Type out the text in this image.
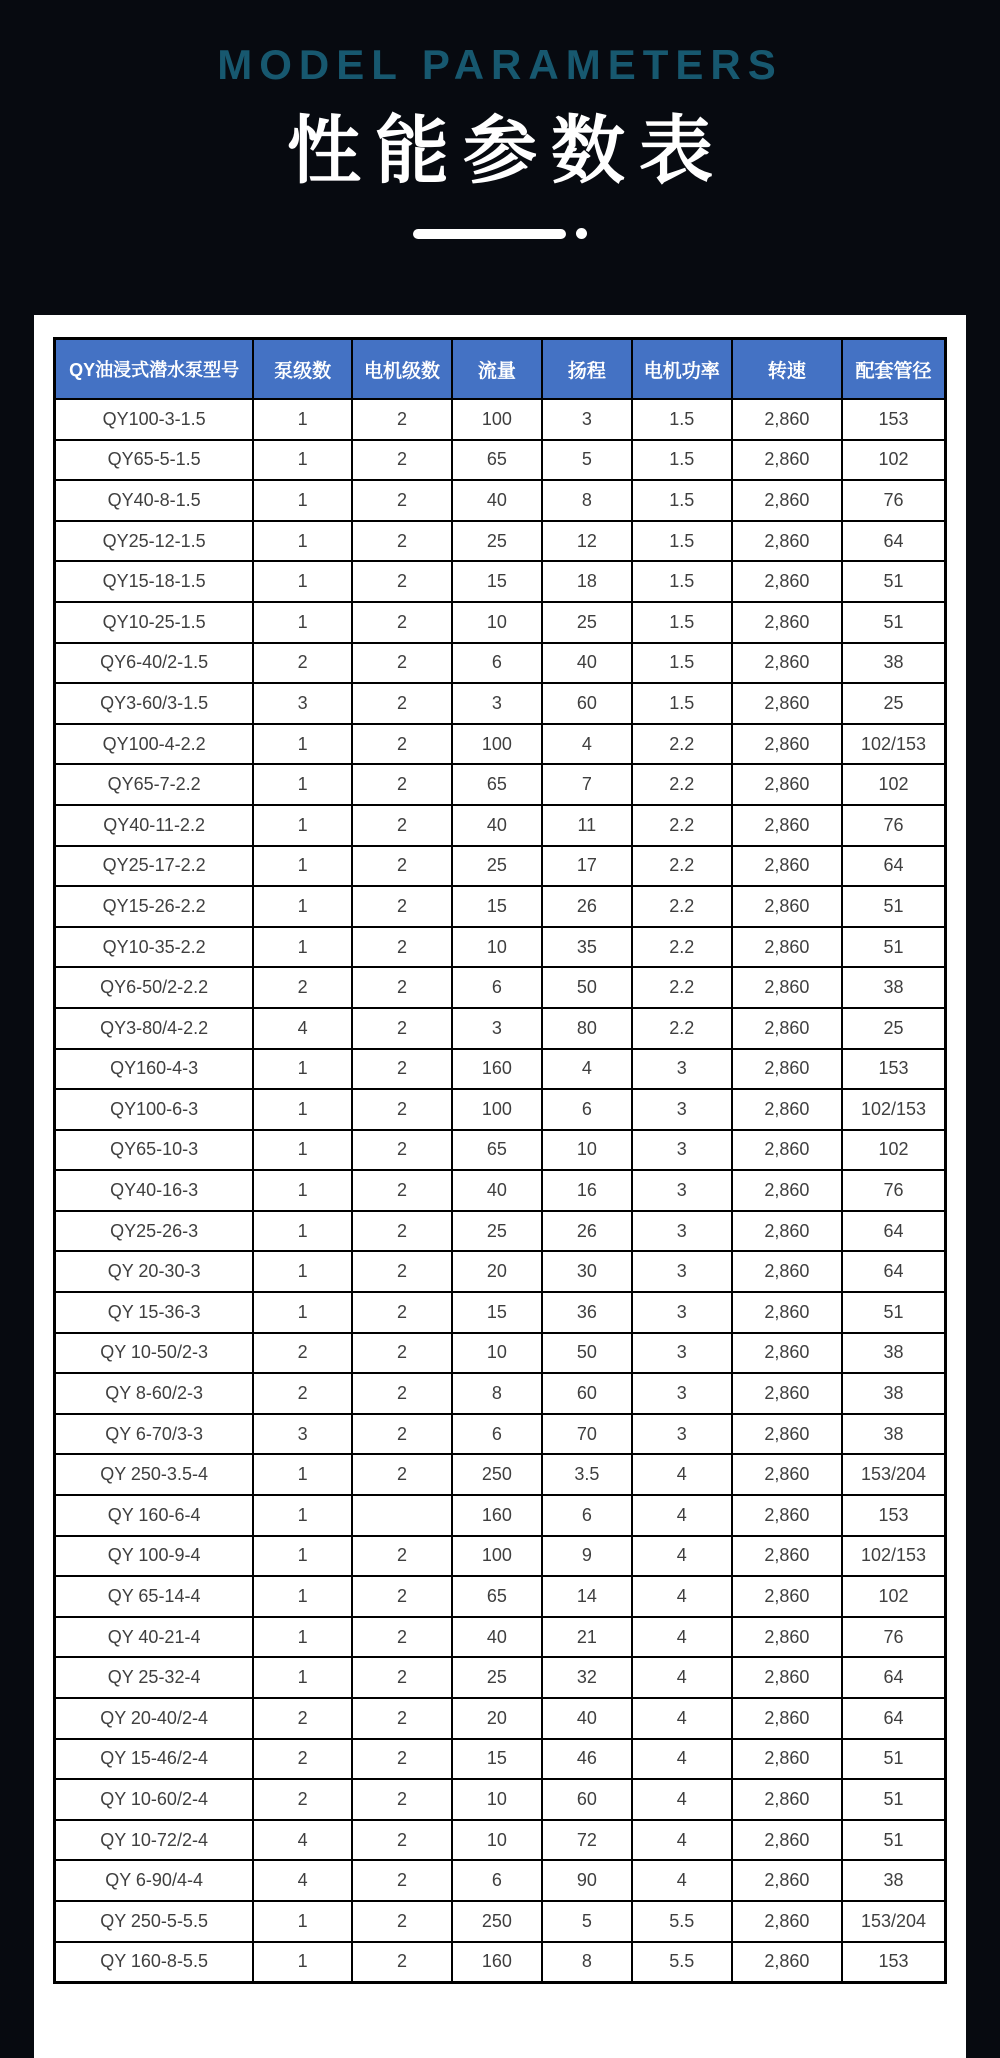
MODEL PARAMETERS
性能参数表
QY油浸式潜水泵型号	泵级数	电机级数	流量	扬程	电机功率	转速	配套管径
QY100-3-1.5	1	2	100	3	1.5	2,860	153
QY65-5-1.5	1	2	65	5	1.5	2,860	102
QY40-8-1.5	1	2	40	8	1.5	2,860	76
QY25-12-1.5	1	2	25	12	1.5	2,860	64
QY15-18-1.5	1	2	15	18	1.5	2,860	51
QY10-25-1.5	1	2	10	25	1.5	2,860	51
QY6-40/2-1.5	2	2	6	40	1.5	2,860	38
QY3-60/3-1.5	3	2	3	60	1.5	2,860	25
QY100-4-2.2	1	2	100	4	2.2	2,860	102/153
QY65-7-2.2	1	2	65	7	2.2	2,860	102
QY40-11-2.2	1	2	40	11	2.2	2,860	76
QY25-17-2.2	1	2	25	17	2.2	2,860	64
QY15-26-2.2	1	2	15	26	2.2	2,860	51
QY10-35-2.2	1	2	10	35	2.2	2,860	51
QY6-50/2-2.2	2	2	6	50	2.2	2,860	38
QY3-80/4-2.2	4	2	3	80	2.2	2,860	25
QY160-4-3	1	2	160	4	3	2,860	153
QY100-6-3	1	2	100	6	3	2,860	102/153
QY65-10-3	1	2	65	10	3	2,860	102
QY40-16-3	1	2	40	16	3	2,860	76
QY25-26-3	1	2	25	26	3	2,860	64
QY 20-30-3	1	2	20	30	3	2,860	64
QY 15-36-3	1	2	15	36	3	2,860	51
QY 10-50/2-3	2	2	10	50	3	2,860	38
QY 8-60/2-3	2	2	8	60	3	2,860	38
QY 6-70/3-3	3	2	6	70	3	2,860	38
QY 250-3.5-4	1	2	250	3.5	4	2,860	153/204
QY 160-6-4	1		160	6	4	2,860	153
QY 100-9-4	1	2	100	9	4	2,860	102/153
QY 65-14-4	1	2	65	14	4	2,860	102
QY 40-21-4	1	2	40	21	4	2,860	76
QY 25-32-4	1	2	25	32	4	2,860	64
QY 20-40/2-4	2	2	20	40	4	2,860	64
QY 15-46/2-4	2	2	15	46	4	2,860	51
QY 10-60/2-4	2	2	10	60	4	2,860	51
QY 10-72/2-4	4	2	10	72	4	2,860	51
QY 6-90/4-4	4	2	6	90	4	2,860	38
QY 250-5-5.5	1	2	250	5	5.5	2,860	153/204
QY 160-8-5.5	1	2	160	8	5.5	2,860	153
